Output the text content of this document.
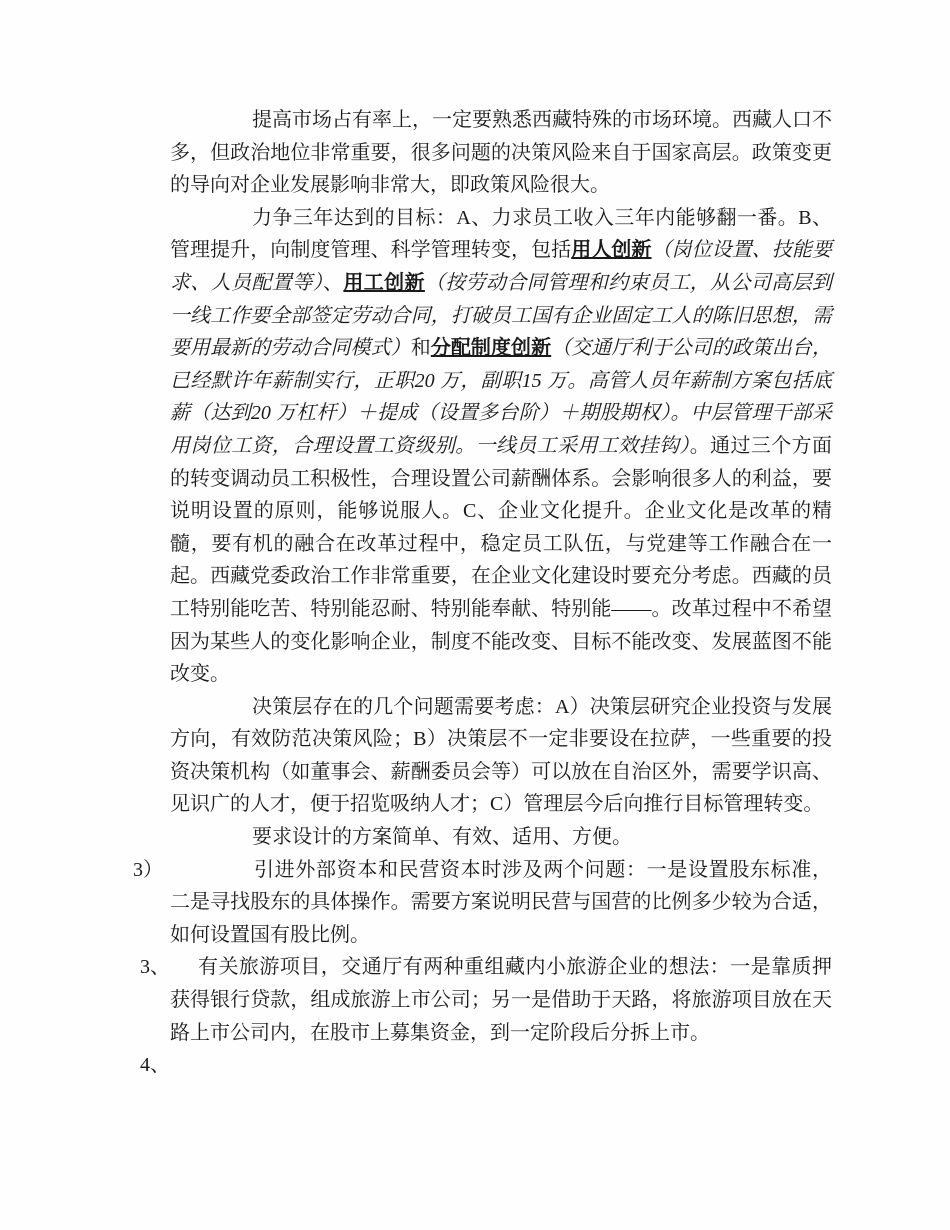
提高市场占有率上，一定要熟悉西藏特殊的市场环境。西藏人口不多，但政治地位非常重要，很多问题的决策风险来自于国家高层。政策变更的导向对企业发展影响非常大，即政策风险很大。

力争三年达到的目标：A、力求员工收入三年内能够翻一番。B、管理提升，向制度管理、科学管理转变，包括用人创新（岗位设置、技能要求、人员配置等）、用工创新（按劳动合同管理和约束员工，从公司高层到一线工作要全部签定劳动合同，打破员工国有企业固定工人的陈旧思想，需要用最新的劳动合同模式）和分配制度创新（交通厅利于公司的政策出台，已经默许年薪制实行，正职20 万，副职15 万。高管人员年薪制方案包括底薪（达到20 万杠杆）＋提成（设置多台阶）＋期股期权）。中层管理干部采用岗位工资，合理设置工资级别。一线员工采用工效挂钩）。通过三个方面的转变调动员工积极性，合理设置公司薪酬体系。会影响很多人的利益，要说明设置的原则，能够说服人。C、企业文化提升。企业文化是改革的精髓，要有机的融合在改革过程中，稳定员工队伍，与党建等工作融合在一起。西藏党委政治工作非常重要，在企业文化建设时要充分考虑。西藏的员工特别能吃苦、特别能忍耐、特别能奉献、特别能――。改革过程中不希望因为某些人的变化影响企业，制度不能改变、目标不能改变、发展蓝图不能改变。

决策层存在的几个问题需要考虑：A）决策层研究企业投资与发展方向，有效防范决策风险；B）决策层不一定非要设在拉萨，一些重要的投资决策机构（如董事会、薪酬委员会等）可以放在自治区外，需要学识高、见识广的人才，便于招览吸纳人才；C）管理层今后向推行目标管理转变。

要求设计的方案简单、有效、适用、方便。

3）	引进外部资本和民营资本时涉及两个问题：一是设置股东标准，二是寻找股东的具体操作。需要方案说明民营与国营的比例多少较为合适，如何设置国有股比例。

3、 有关旅游项目，交通厅有两种重组藏内小旅游企业的想法：一是靠质押获得银行贷款，组成旅游上市公司；另一是借助于天路，将旅游项目放在天路上市公司内，在股市上募集资金，到一定阶段后分拆上市。

4、
